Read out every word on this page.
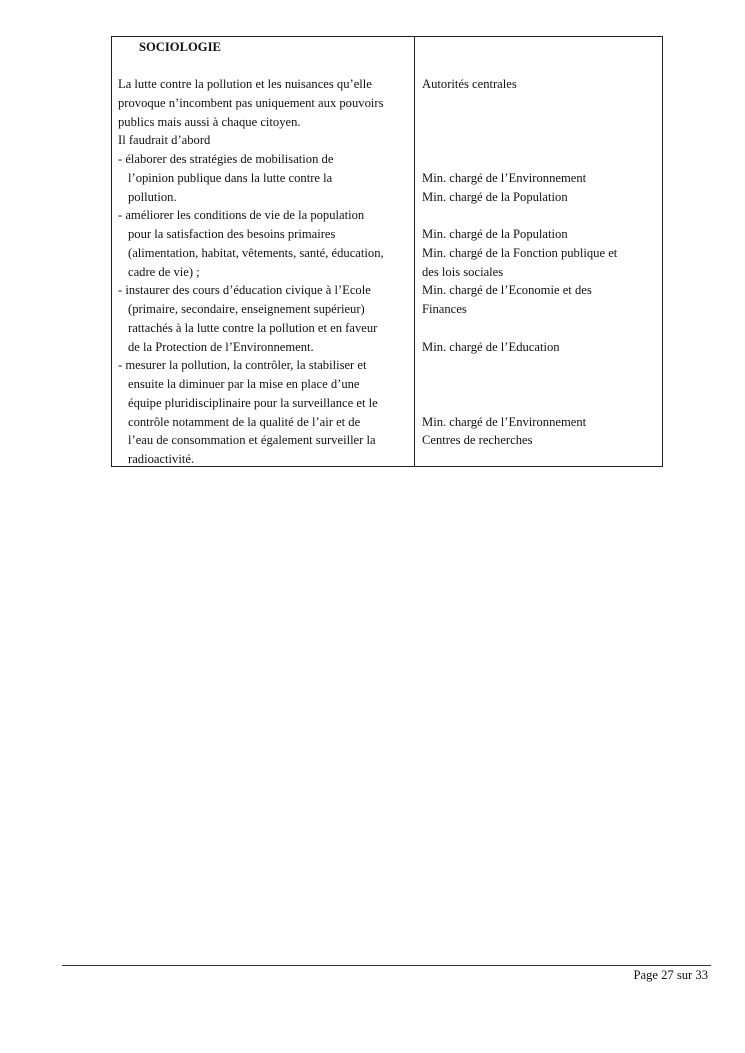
SOCIOLOGIE
La lutte contre la pollution et les nuisances qu’elle
provoque n’incombent pas uniquement aux pouvoirs
publics mais aussi à chaque citoyen.
Il faudrait d’abord
- élaborer des stratégies de mobilisation de
l’opinion publique dans la lutte contre la
pollution.
- améliorer les conditions de vie de la population
pour la satisfaction des besoins primaires
(alimentation, habitat, vêtements, santé, éducation,
cadre de vie) ;
- instaurer des cours d’éducation civique à l’Ecole
(primaire, secondaire, enseignement supérieur)
rattachés à la lutte contre la pollution et en faveur
de la Protection de l’Environnement.
- mesurer la pollution, la contrôler, la stabiliser et
ensuite la diminuer par la mise en place d’une
équipe pluridisciplinaire pour la surveillance et le
contrôle notamment de la qualité de l’air et de
l’eau de consommation et également surveiller la
radioactivité.
Autorités centrales
Min. chargé de l’Environnement
Min. chargé de la Population
Min. chargé de la Population
Min. chargé de la Fonction publique et
des lois sociales
Min. chargé de l’Economie et des
Finances
Min. chargé de l’Education
Min. chargé de l’Environnement
Centres de recherches
Page 27 sur 33
